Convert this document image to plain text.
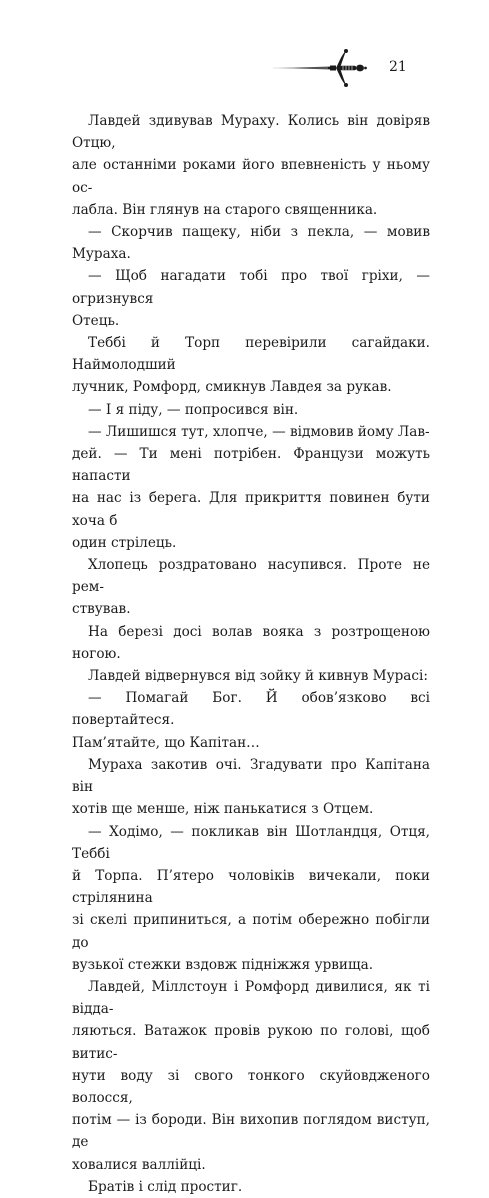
21

Лавдей здивував Мураху. Колись він довіряв Отцю,
але останніми роками його впевненість у ньому ос-
лабла. Він глянув на старого священника.

— Скорчив пащеку, ніби з пекла, — мовив Мураха.

— Щоб нагадати тобі про твої гріхи, — огризнувся
Отець.

Теббі й Торп перевірили сагайдаки. Наймолодший
лучник, Ромфорд, смикнув Лавдея за рукав.

— І я піду, — попросився він.

— Лишишся тут, хлопче, — відмовив йому Лав-
дей. — Ти мені потрібен. Французи можуть напасти
на нас із берега. Для прикриття повинен бути хоча б
один стрілець.

Хлопець роздратовано насупився. Проте не рем-
ствував.

На березі досі волав вояка з розтрощеною ногою.

Лавдей відвернувся від зойку й кивнув Мурасі:

— Помагай Бог. Й обов’язково всі повертайтеся.
Пам’ятайте, що Капітан…

Мураха закотив очі. Згадувати про Капітана він
хотів ще менше, ніж панькатися з Отцем.

— Ходімо, — покликав він Шотландця, Отця, Теббі
й Торпа. П’ятеро чоловіків вичекали, поки стрілянина
зі скелі припиниться, а потім обережно побігли до
вузької стежки вздовж підніжжя урвища.

Лавдей, Міллстоун і Ромфорд дивилися, як ті відда-
ляються. Ватажок провів рукою по голові, щоб витис-
нути воду зі свого тонкого скуйовдженого волосся,
потім — із бороди. Він вихопив поглядом виступ, де
ховалися валлійці.

Братів і слід простиг.
